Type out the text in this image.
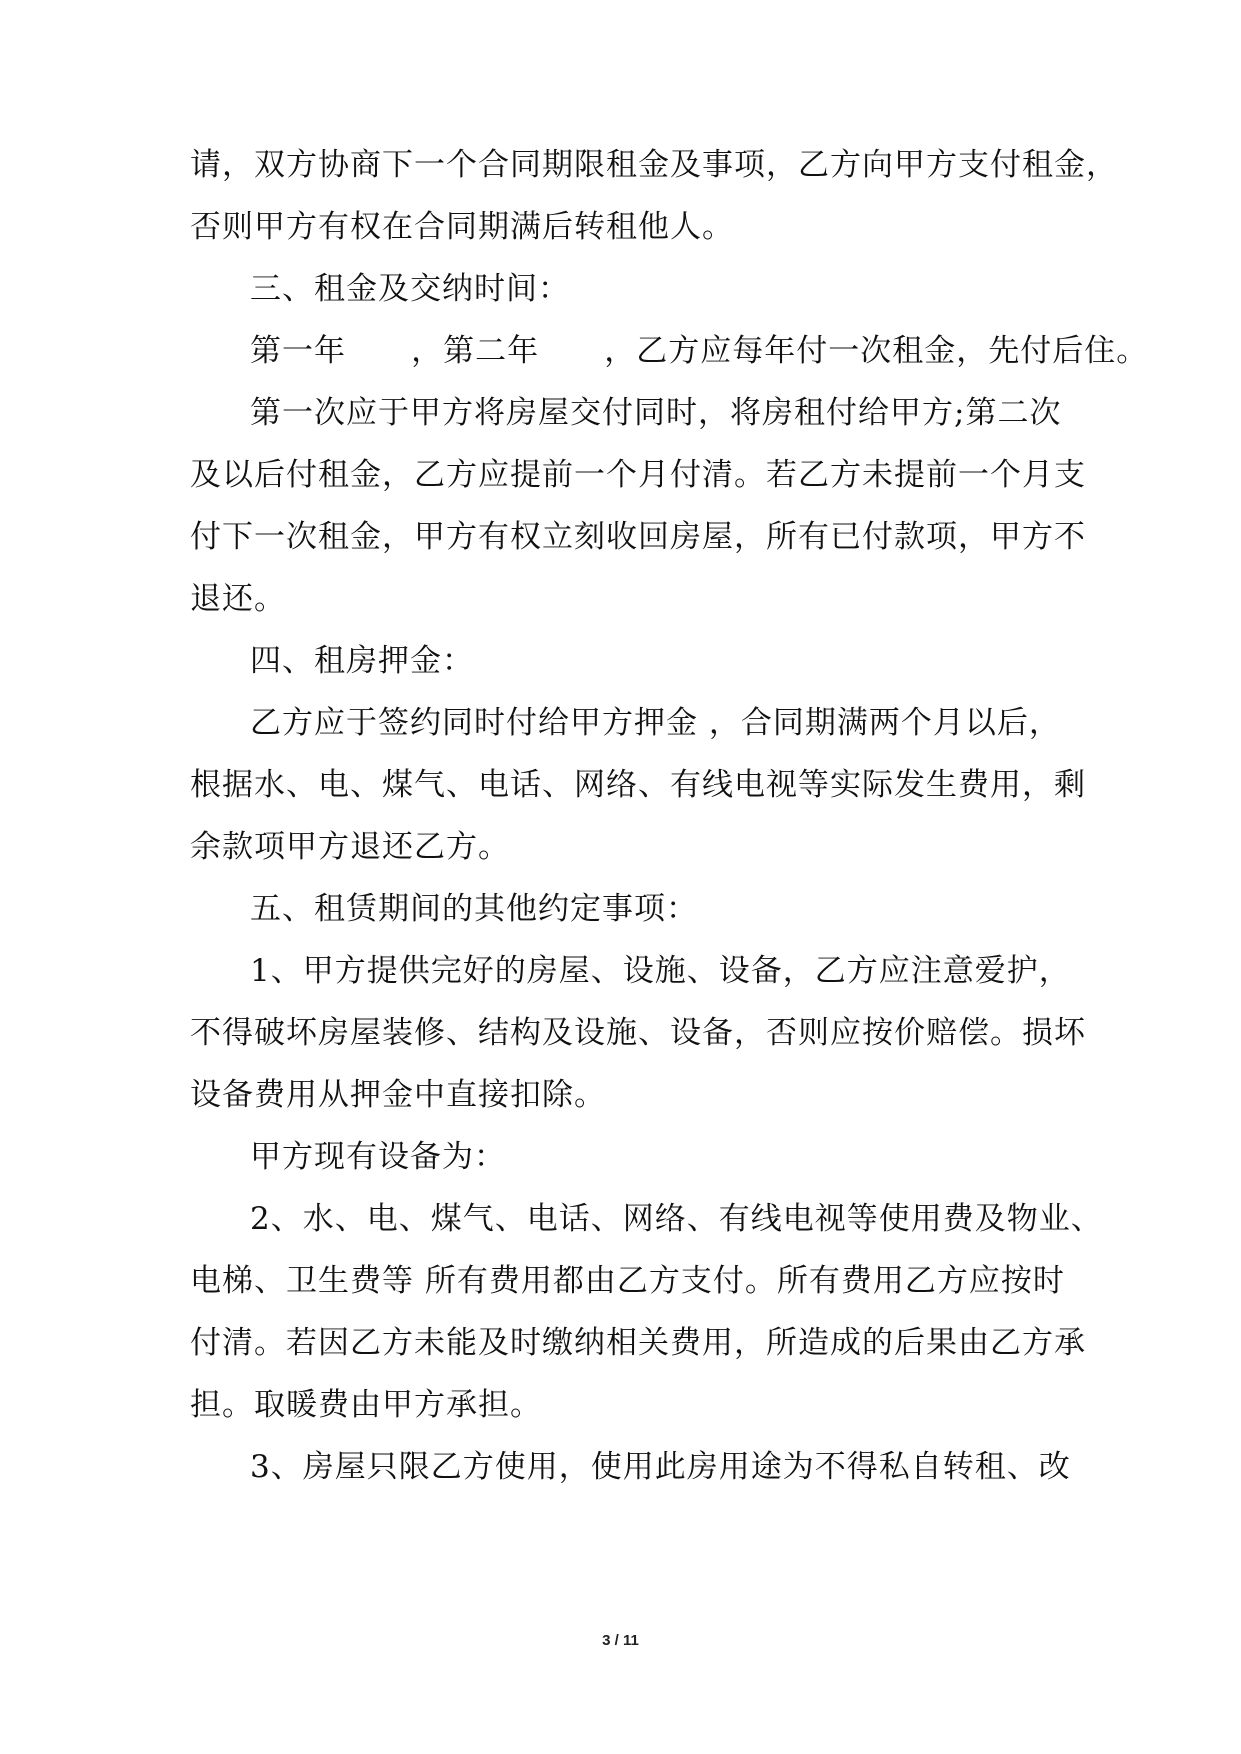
请，双方协商下一个合同期限租金及事项，乙方向甲方支付租金，
否则甲方有权在合同期满后转租他人。
三、租金及交纳时间：
第一年      ，第二年      ，乙方应每年付一次租金，先付后住。
第一次应于甲方将房屋交付同时，将房租付给甲方;第二次
及以后付租金，乙方应提前一个月付清。若乙方未提前一个月支
付下一次租金，甲方有权立刻收回房屋，所有已付款项，甲方不
退还。
四、租房押金：
乙方应于签约同时付给甲方押金 ，合同期满两个月以后，
根据水、电、煤气、电话、网络、有线电视等实际发生费用，剩
余款项甲方退还乙方。
五、租赁期间的其他约定事项：
1、甲方提供完好的房屋、设施、设备，乙方应注意爱护，
不得破坏房屋装修、结构及设施、设备，否则应按价赔偿。损坏
设备费用从押金中直接扣除。
甲方现有设备为：
2、水、电、煤气、电话、网络、有线电视等使用费及物业、
电梯、卫生费等 所有费用都由乙方支付。所有费用乙方应按时
付清。若因乙方未能及时缴纳相关费用，所造成的后果由乙方承
担。取暖费由甲方承担。
3、房屋只限乙方使用，使用此房用途为不得私自转租、改
3 / 11
